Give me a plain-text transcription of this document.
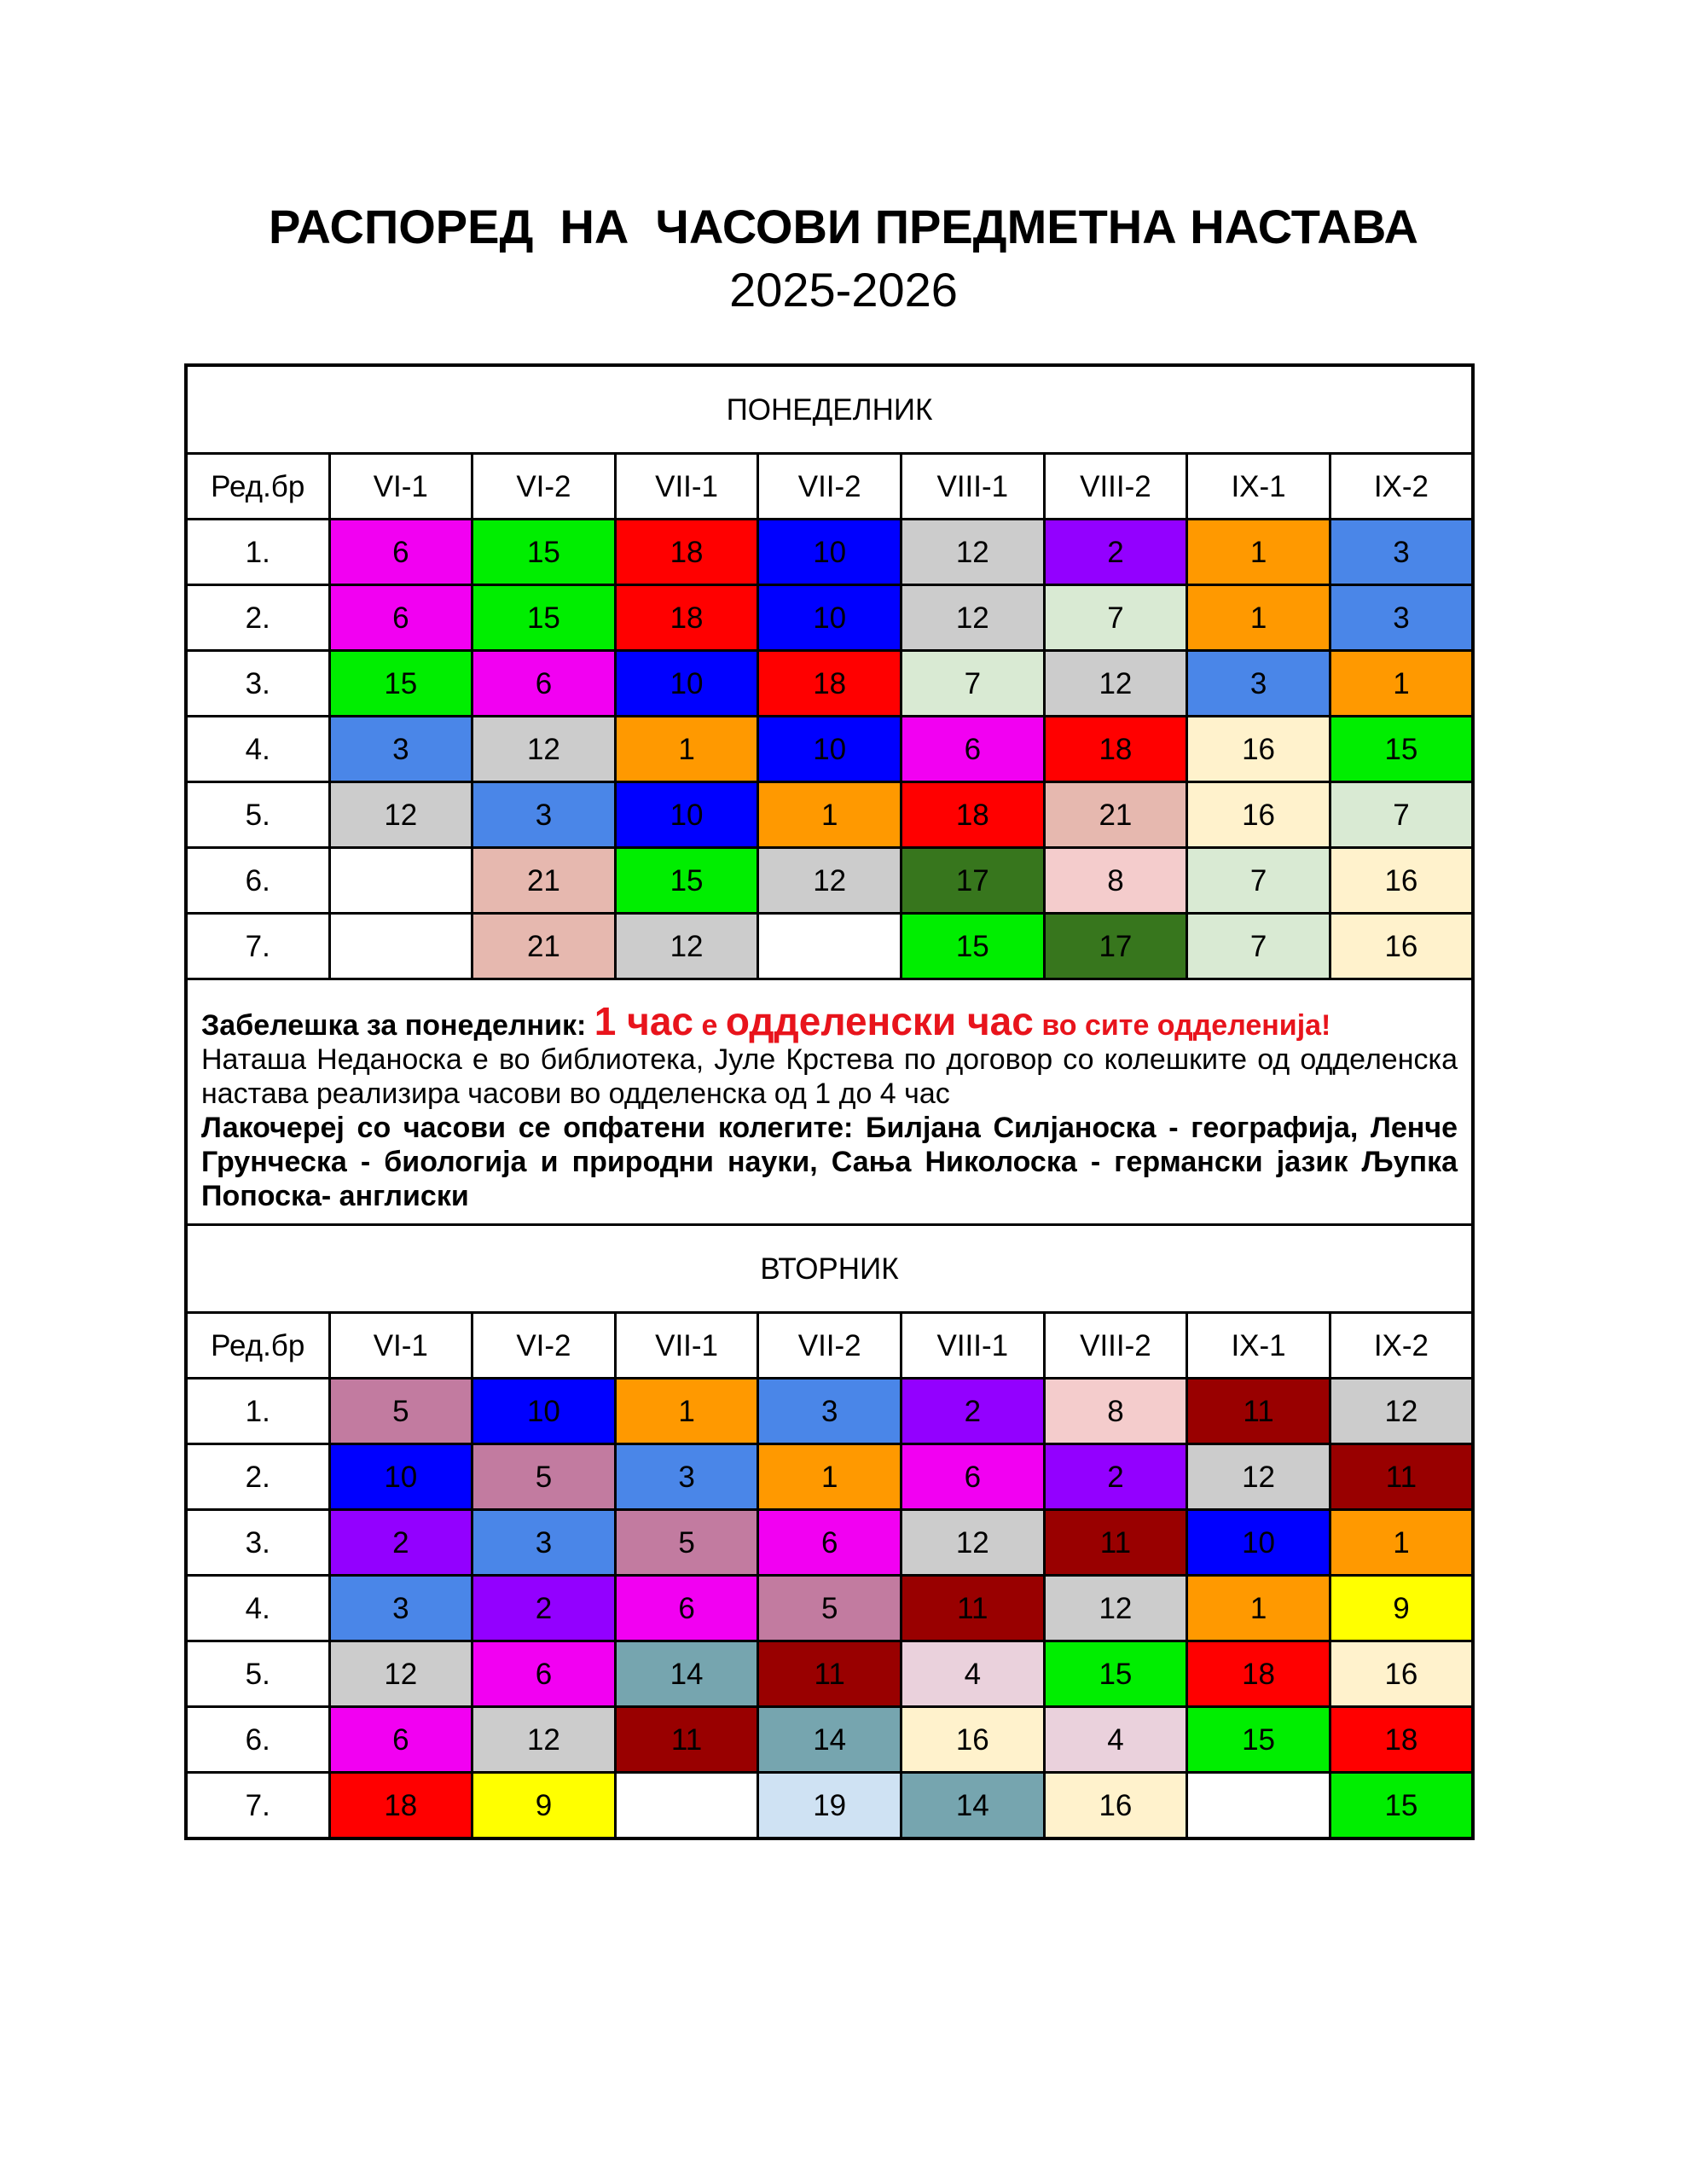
РАСПОРЕД  НА  ЧАСОВИ ПРЕДМЕТНА НАСТАВА
2025-2026
ПОНЕДЕЛНИК								
Ред.бр	VI-1	VI-2	VII-1	VII-2	VIII-1	VIII-2	IX-1	IX-2
1.	6	15	18	10	12	2	1	3
2.	6	15	18	10	12	7	1	3
3.	15	6	10	18	7	12	3	1
4.	3	12	1	10	6	18	16	15
5.	12	3	10	1	18	21	16	7
6.		21	15	12	17	8	7	16
7.		21	12		15	17	7	16

Забелешка за понеделник: 1 час е одделенски час во сите одделенија!

Наташа Неданоска е во библиотека, Јуле Крстева по договор со колешките од одделенска настава реализира часови во одделенска од 1 до 4 час

Лакочереј со часови се опфатени колегите: Билјана Силјаноска - географија, Ленче Грунческа - биологија и природни науки, Сања Николоска - германски јазик Љупка Попоска- англиски								

ВТОРНИК								
Ред.бр	VI-1	VI-2	VII-1	VII-2	VIII-1	VIII-2	IX-1	IX-2
1.	5	10	1	3	2	8	11	12
2.	10	5	3	1	6	2	12	11
3.	2	3	5	6	12	11	10	1
4.	3	2	6	5	11	12	1	9
5.	12	6	14	11	4	15	18	16
6.	6	12	11	14	16	4	15	18
7.	18	9		19	14	16		15
